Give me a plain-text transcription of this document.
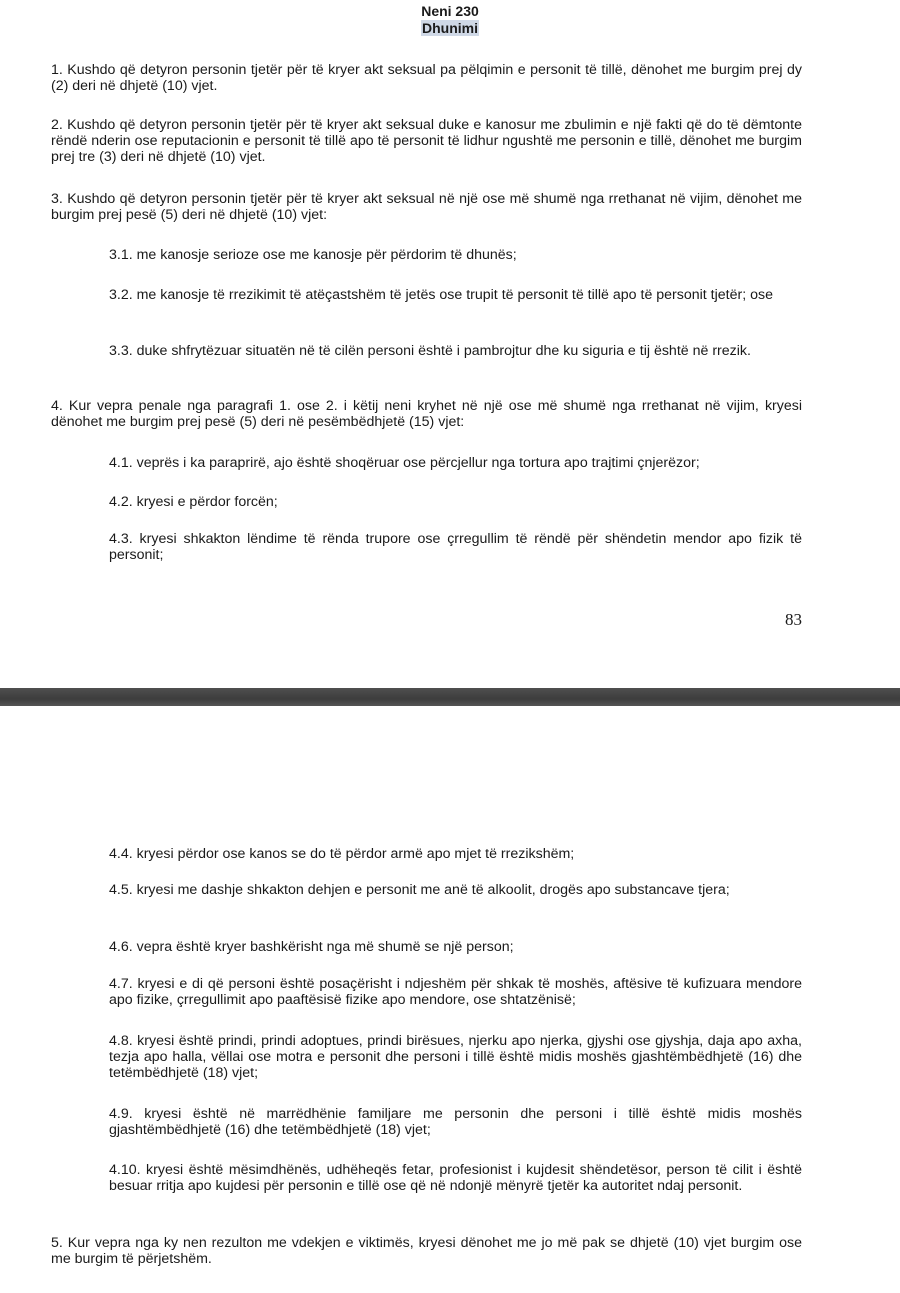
Neni 230
Dhunimi

1. Kushdo që detyron personin tjetër për të kryer akt seksual pa pëlqimin e personit të tillë, dënohet me burgim prej dy (2) deri në dhjetë (10) vjet.

2. Kushdo që detyron personin tjetër për të kryer akt seksual duke e kanosur me zbulimin e një fakti që do të dëmtonte rëndë nderin ose reputacionin e personit të tillë apo të personit të lidhur ngushtë me personin e tillë, dënohet me burgim prej tre (3) deri në dhjetë (10) vjet.

3. Kushdo që detyron personin tjetër për të kryer akt seksual në një ose më shumë nga rrethanat në vijim, dënohet me burgim prej pesë (5) deri në dhjetë (10) vjet:

3.1. me kanosje serioze ose me kanosje për përdorim të dhunës;

3.2. me kanosje të rrezikimit të atëçastshëm të jetës ose trupit të personit të tillë apo të personit tjetër; ose

3.3. duke shfrytëzuar situatën në të cilën personi është i pambrojtur dhe ku siguria e tij është në rrezik.

4. Kur vepra penale nga paragrafi 1. ose 2. i këtij neni kryhet në një ose më shumë nga rrethanat në vijim, kryesi dënohet me burgim prej pesë (5) deri në pesëmbëdhjetë (15) vjet:

4.1. veprës i ka paraprirë, ajo është shoqëruar ose përcjellur nga tortura apo trajtimi çnjerëzor;

4.2. kryesi e përdor forcën;

4.3. kryesi shkakton lëndime të rënda trupore ose çrregullim të rëndë për shëndetin mendor apo fizik të personit;

83

4.4. kryesi përdor ose kanos se do të përdor armë apo mjet të rrezikshëm;

4.5. kryesi me dashje shkakton dehjen e personit me anë të alkoolit, drogës apo substancave tjera;

4.6. vepra është kryer bashkërisht nga më shumë se një person;

4.7. kryesi e di që personi është posaçërisht i ndjeshëm për shkak të moshës, aftësive të kufizuara mendore apo fizike, çrregullimit apo paaftësisë fizike apo mendore, ose shtatzënisë;

4.8. kryesi është prindi, prindi adoptues, prindi birësues, njerku apo njerka, gjyshi ose gjyshja, daja apo axha, tezja apo halla, vëllai ose motra e personit dhe personi i tillë është midis moshës gjashtëmbëdhjetë (16) dhe tetëmbëdhjetë (18) vjet;

4.9. kryesi është në marrëdhënie familjare me personin dhe personi i tillë është midis moshës gjashtëmbëdhjetë (16) dhe tetëmbëdhjetë (18) vjet;

4.10. kryesi është mësimdhënës, udhëheqës fetar, profesionist i kujdesit shëndetësor, person të cilit i është besuar rritja apo kujdesi për personin e tillë ose që në ndonjë mënyrë tjetër ka autoritet ndaj personit.

5. Kur vepra nga ky nen rezulton me vdekjen e viktimës, kryesi dënohet me jo më pak se dhjetë (10) vjet burgim ose me burgim të përjetshëm.
